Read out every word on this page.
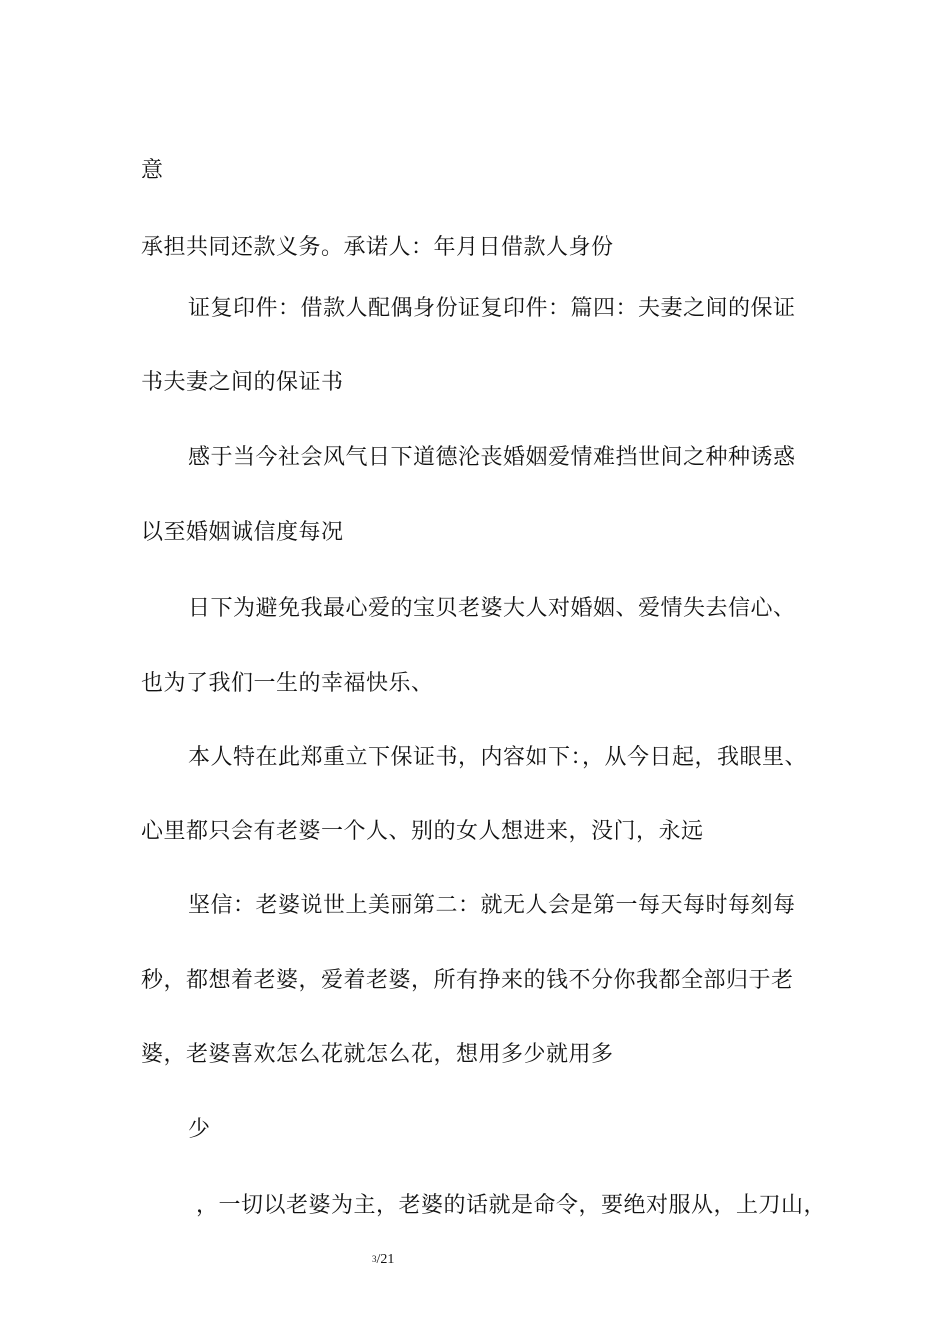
意
承担共同还款义务。承诺人：年月日借款人身份
证复印件：借款人配偶身份证复印件：篇四：夫妻之间的保证
书夫妻之间的保证书
感于当今社会风气日下道德沦丧婚姻爱情难挡世间之种种诱惑
以至婚姻诚信度每况
日下为避免我最心爱的宝贝老婆大人对婚姻、爱情失去信心、
也为了我们一生的幸福快乐、
本人特在此郑重立下保证书，内容如下：，从今日起，我眼里、
心里都只会有老婆一个人、别的女人想进来，没门，永远
坚信：老婆说世上美丽第二：就无人会是第一每天每时每刻每
秒，都想着老婆，爱着老婆，所有挣来的钱不分你我都全部归于老
婆，老婆喜欢怎么花就怎么花，想用多少就用多
少
，一切以老婆为主，老婆的话就是命令，要绝对服从，上刀山，
3/21
